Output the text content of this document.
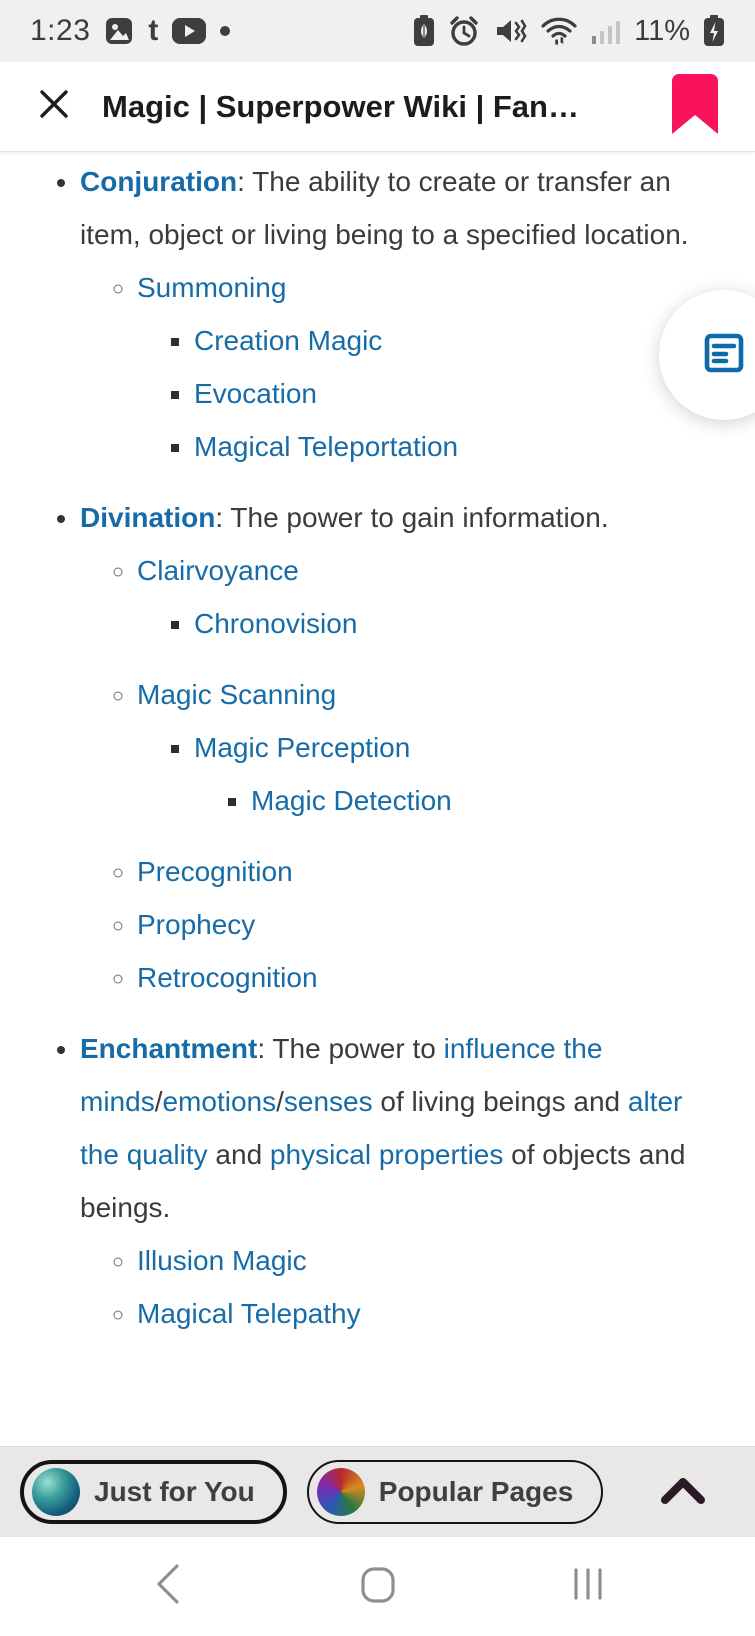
1:23 t	11%
Magic | Superpower Wiki | Fan…
• Conjuration: The ability to create or transfer an item, object or living being to a specified location.
◦ Summoning
▪ Creation Magic
▪ Evocation
▪ Magical Teleportation
• Divination: The power to gain information.
◦ Clairvoyance
▪ Chronovision
◦ Magic Scanning
▪ Magic Perception
▪ Magic Detection
◦ Precognition
◦ Prophecy
◦ Retrocognition
• Enchantment: The power to influence the minds/emotions/senses of living beings and alter the quality and physical properties of objects and beings.
◦ Illusion Magic
◦ Magical Telepathy
Just for You	Popular Pages
